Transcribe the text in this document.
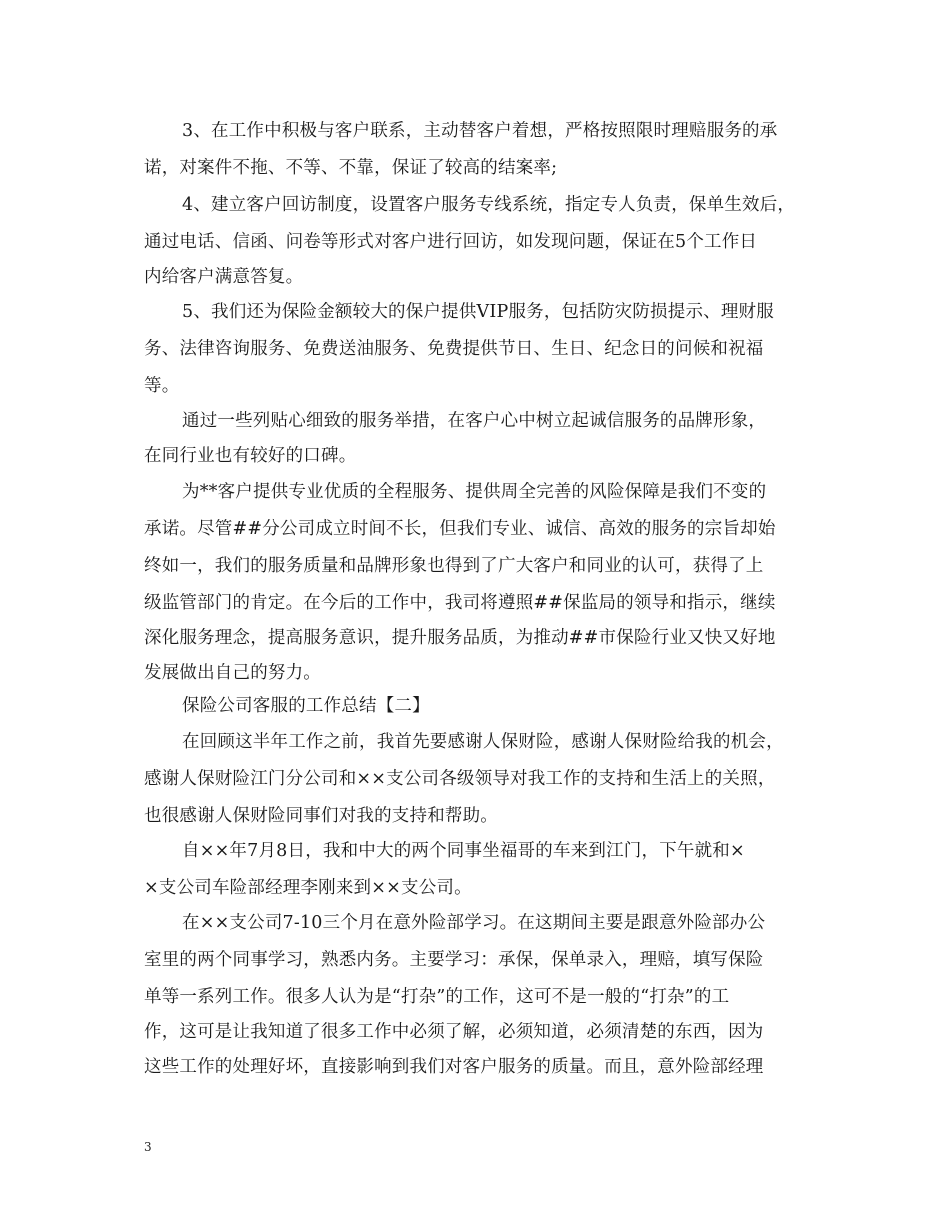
3、在工作中积极与客户联系，主动替客户着想，严格按照限时理赔服务的承
诺，对案件不拖、不等、不靠，保证了较高的结案率;
4、建立客户回访制度，设置客户服务专线系统，指定专人负责，保单生效后，
通过电话、信函、问卷等形式对客户进行回访，如发现问题，保证在5个工作日
内给客户满意答复。
5、我们还为保险金额较大的保户提供VIP服务，包括防灾防损提示、理财服
务、法律咨询服务、免费送油服务、免费提供节日、生日、纪念日的问候和祝福
等。
通过一些列贴心细致的服务举措，在客户心中树立起诚信服务的品牌形象，
在同行业也有较好的口碑。
为**客户提供专业优质的全程服务、提供周全完善的风险保障是我们不变的
承诺。尽管##分公司成立时间不长，但我们专业、诚信、高效的服务的宗旨却始
终如一，我们的服务质量和品牌形象也得到了广大客户和同业的认可，获得了上
级监管部门的肯定。在今后的工作中，我司将遵照##保监局的领导和指示，继续
深化服务理念，提高服务意识，提升服务品质，为推动##市保险行业又快又好地
发展做出自己的努力。
保险公司客服的工作总结【二】
在回顾这半年工作之前，我首先要感谢人保财险，感谢人保财险给我的机会，
感谢人保财险江门分公司和××支公司各级领导对我工作的支持和生活上的关照，
也很感谢人保财险同事们对我的支持和帮助。
自××年7月8日，我和中大的两个同事坐福哥的车来到江门，下午就和×
×支公司车险部经理李刚来到××支公司。
在××支公司7-10三个月在意外险部学习。在这期间主要是跟意外险部办公
室里的两个同事学习，熟悉内务。主要学习：承保，保单录入，理赔，填写保险
单等一系列工作。很多人认为是“打杂”的工作，这可不是一般的“打杂”的工
作，这可是让我知道了很多工作中必须了解，必须知道，必须清楚的东西，因为
这些工作的处理好坏，直接影响到我们对客户服务的质量。而且，意外险部经理
3
